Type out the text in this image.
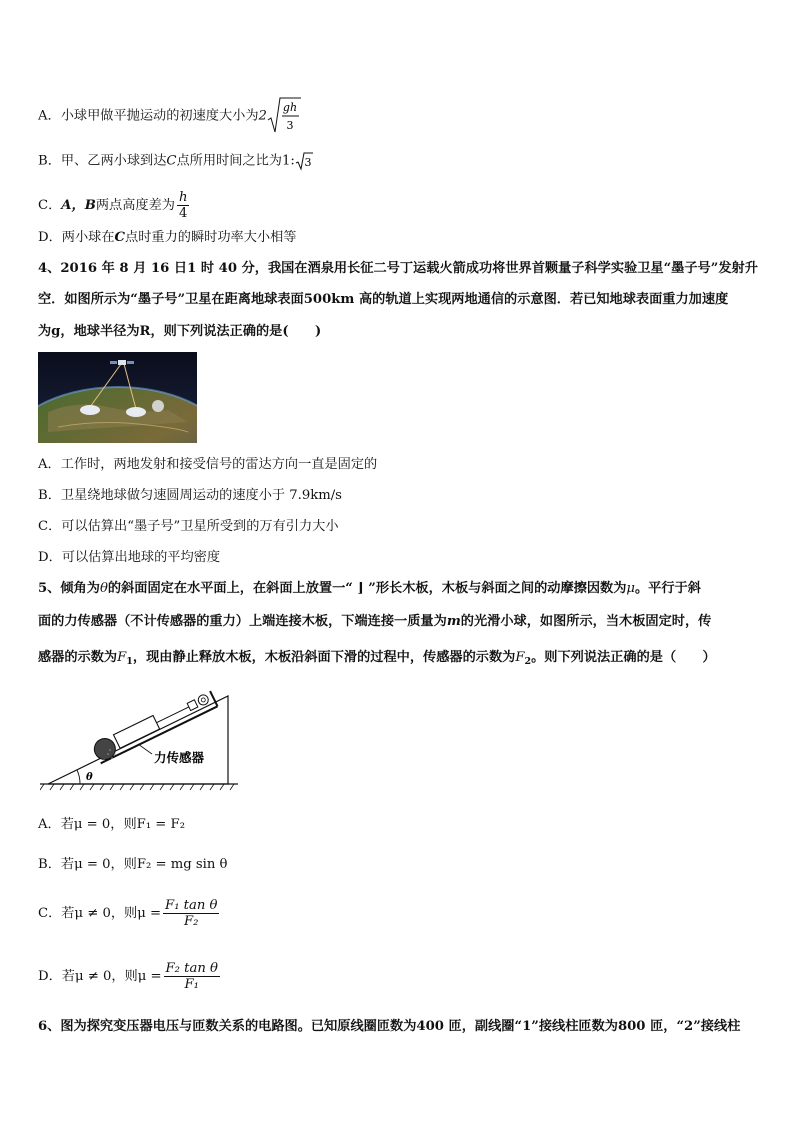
A．小球甲做平抛运动的初速度大小为2
gh
3
B．甲、乙两小球到达C点所用时间之比为1: 3
C．A，B两点高度差为 $\frac{h}{4}$
D．两小球在C点时重力的瞬时功率大小相等
4、2016 年 8 月 16 日1 时 40 分，我国在酒泉用长征二号丁运载火箭成功将世界首颗量子科学实验卫星“墨子号”发射升
空．如图所示为“墨子号”卫星在距离地球表面500km 高的轨道上实现两地通信的示意图．若已知地球表面重力加速度
为g，地球半径为R，则下列说法正确的是(　　)
A．工作时，两地发射和接受信号的雷达方向一直是固定的
B．卫星绕地球做匀速圆周运动的速度小于 7.9km/s
C．可以估算出“墨子号”卫星所受到的万有引力大小
D．可以估算出地球的平均密度
5、倾角为θ的斜面固定在水平面上，在斜面上放置一“ ⌋ ”形长木板，木板与斜面之间的动摩擦因数为μ。平行于斜
面的力传感器（不计传感器的重力）上端连接木板，下端连接一质量为m的光滑小球，如图所示，当木板固定时，传
感器的示数为$F_1$，现由静止释放木板，木板沿斜面下滑的过程中，传感器的示数为$F_2$。则下列说法正确的是（　　）
θ
力传感器
A．若μ = 0，则F₁ = F₂
B．若μ = 0，则F₂ = mg sin θ
C．若μ ≠ 0，则$\mu = \frac{\text{F₁ tan θ}}{\text{F₂}}$
D．若μ ≠ 0，则$\mu = \frac{\text{F₂ tan θ}}{\text{F₁}}$
6、图为探究变压器电压与匝数关系的电路图。已知原线圈匝数为400 匝，副线圈“1”接线柱匝数为800 匝，“2”接线柱
